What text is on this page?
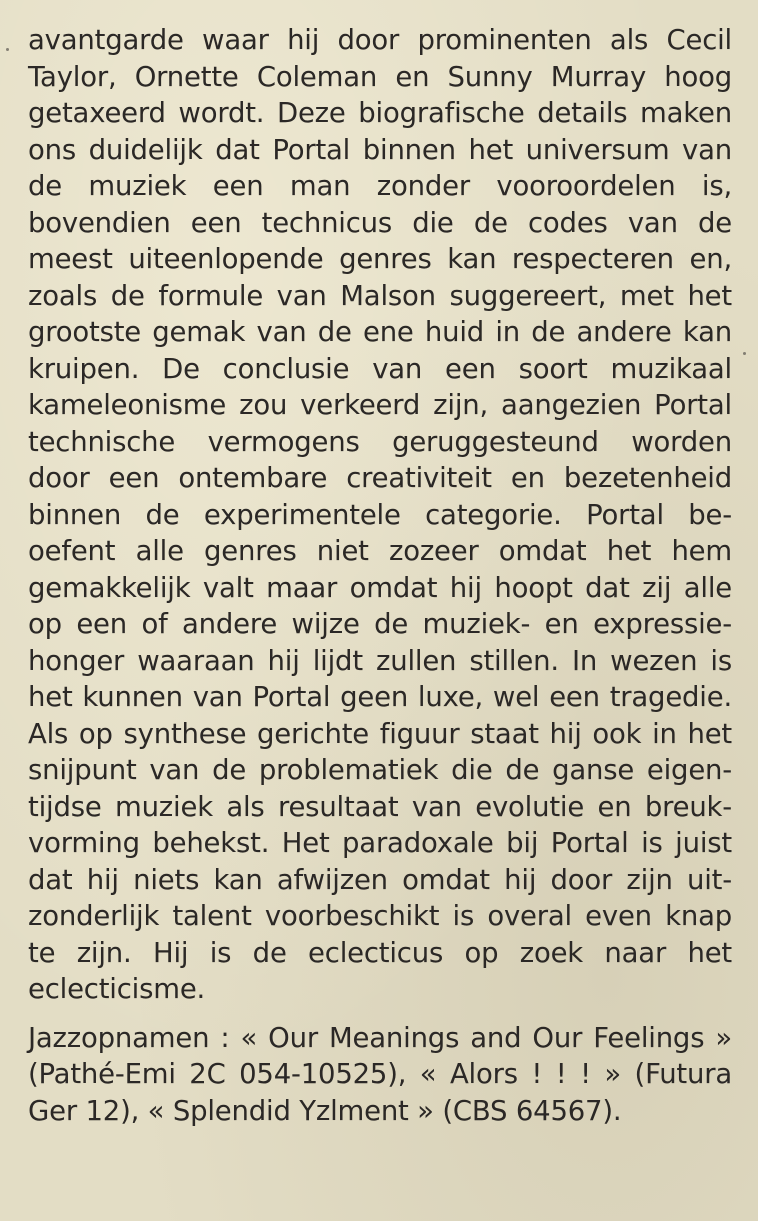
avantgarde waar hij door prominenten als Cecil
Taylor, Ornette Coleman en Sunny Murray hoog
getaxeerd wordt. Deze biografische details maken
ons duidelijk dat Portal binnen het universum van
de muziek een man zonder vooroordelen is,
bovendien een technicus die de codes van de
meest uiteenlopende genres kan respecteren en,
zoals de formule van Malson suggereert, met het
grootste gemak van de ene huid in de andere kan
kruipen. De conclusie van een soort muzikaal
kameleonisme zou verkeerd zijn, aangezien Portal
technische vermogens geruggesteund worden
door een ontembare creativiteit en bezetenheid
binnen de experimentele categorie. Portal be-
oefent alle genres niet zozeer omdat het hem
gemakkelijk valt maar omdat hij hoopt dat zij alle
op een of andere wijze de muziek- en expressie-
honger waaraan hij lijdt zullen stillen. In wezen is
het kunnen van Portal geen luxe, wel een tragedie.
Als op synthese gerichte figuur staat hij ook in het
snijpunt van de problematiek die de ganse eigen-
tijdse muziek als resultaat van evolutie en breuk-
vorming behekst. Het paradoxale bij Portal is juist
dat hij niets kan afwijzen omdat hij door zijn uit-
zonderlijk talent voorbeschikt is overal even knap
te zijn. Hij is de eclecticus op zoek naar het
eclecticisme.
Jazzopnamen : « Our Meanings and Our Feelings »
(Pathé-Emi 2C 054-10525), « Alors ! ! ! » (Futura
Ger 12), « Splendid Yzlment » (CBS 64567).
